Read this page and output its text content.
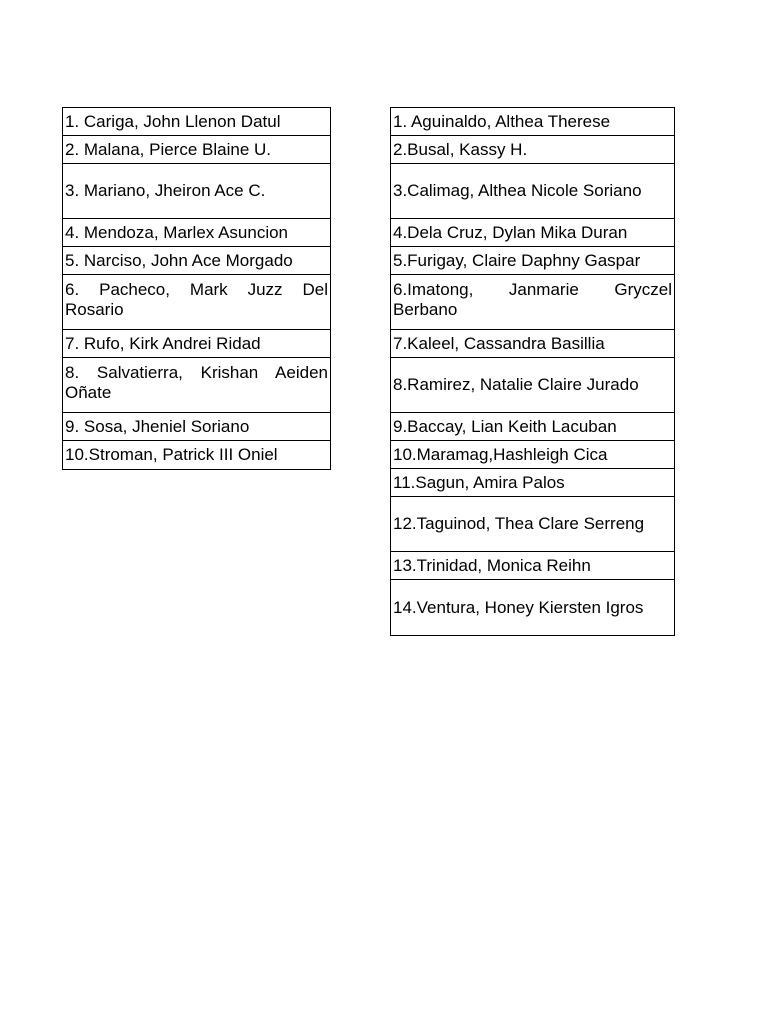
1. Cariga, John Llenon Datul
2. Malana, Pierce Blaine U.
3. Mariano, Jheiron Ace C.
4. Mendoza, Marlex Asuncion
5. Narciso, John Ace Morgado
6. Pacheco, Mark Juzz Del Rosario
7. Rufo, Kirk Andrei Ridad
8. Salvatierra, Krishan Aeiden Oñate
9. Sosa, Jheniel Soriano
10.Stroman, Patrick III Oniel
1. Aguinaldo, Althea Therese
2.Busal, Kassy H.
3.Calimag, Althea Nicole Soriano
4.Dela Cruz, Dylan Mika Duran
5.Furigay, Claire Daphny Gaspar
6.Imatong, Janmarie Gryczel Berbano
7.Kaleel, Cassandra Basillia
8.Ramirez, Natalie Claire Jurado
9.Baccay, Lian Keith Lacuban
10.Maramag,Hashleigh Cica
11.Sagun, Amira Palos
12.Taguinod, Thea Clare Serreng
13.Trinidad, Monica Reihn
14.Ventura, Honey Kiersten Igros
